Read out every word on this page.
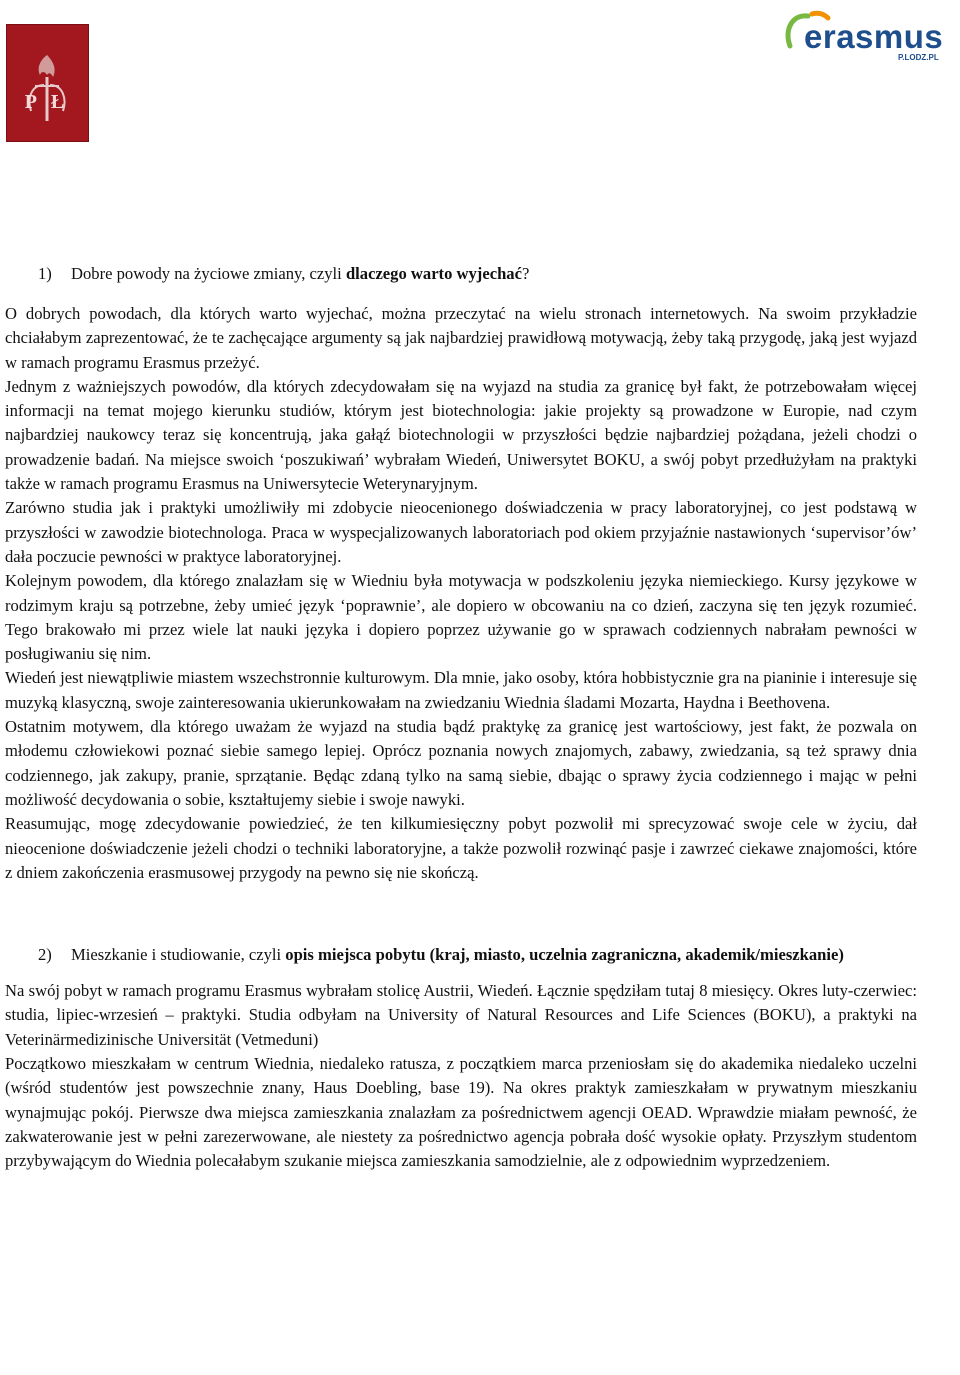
PŁ
erasmus
P.LODZ.PL
1)	Dobre powody na życiowe zmiany, czyli dlaczego warto wyjechać?

O dobrych powodach, dla których warto wyjechać, można przeczytać na wielu stronach internetowych. Na swoim przykładzie chciałabym zaprezentować, że te zachęcające argumenty są jak najbardziej prawidłową motywacją, żeby taką przygodę, jaką jest wyjazd w ramach programu Erasmus przeżyć.

Jednym z ważniejszych powodów, dla których zdecydowałam się na wyjazd na studia za granicę był fakt, że potrzebowałam więcej informacji na temat mojego kierunku studiów, którym jest biotechnologia: jakie projekty są prowadzone w Europie, nad czym najbardziej naukowcy teraz się koncentrują, jaka gałąź biotechnologii w przyszłości będzie najbardziej pożądana, jeżeli chodzi o prowadzenie badań. Na miejsce swoich ‘poszukiwań’ wybrałam Wiedeń, Uniwersytet BOKU, a swój pobyt przedłużyłam na praktyki także w ramach programu Erasmus na Uniwersytecie Weterynaryjnym.

Zarówno studia jak i praktyki umożliwiły mi zdobycie nieocenionego doświadczenia w pracy laboratoryjnej, co jest podstawą w przyszłości w zawodzie biotechnologa. Praca w wyspecjalizowanych laboratoriach pod okiem przyjaźnie nastawionych ‘supervisor’ów’ dała poczucie pewności w praktyce laboratoryjnej.

Kolejnym powodem, dla którego znalazłam się w Wiedniu była motywacja w podszkoleniu języka niemieckiego. Kursy językowe w rodzimym kraju są potrzebne, żeby umieć język ‘poprawnie’, ale dopiero w obcowaniu na co dzień, zaczyna się ten język rozumieć. Tego brakowało mi przez wiele lat nauki języka i dopiero poprzez używanie go w sprawach codziennych nabrałam pewności w posługiwaniu się nim.

Wiedeń jest niewątpliwie miastem wszechstronnie kulturowym. Dla mnie, jako osoby, która hobbistycznie gra na pianinie i interesuje się muzyką klasyczną, swoje zainteresowania ukierunkowałam na zwiedzaniu Wiednia śladami Mozarta, Haydna i Beethovena.

Ostatnim motywem, dla którego uważam że wyjazd na studia bądź praktykę za granicę jest wartościowy, jest fakt, że pozwala on młodemu człowiekowi poznać siebie samego lepiej. Oprócz poznania nowych znajomych, zabawy, zwiedzania, są też sprawy dnia codziennego, jak zakupy, pranie, sprzątanie. Będąc zdaną tylko na samą siebie, dbając o sprawy życia codziennego i mając w pełni możliwość decydowania o sobie, kształtujemy siebie i swoje nawyki.

Reasumując, mogę zdecydowanie powiedzieć, że ten kilkumiesięczny pobyt pozwolił mi sprecyzować swoje cele w życiu, dał nieocenione doświadczenie jeżeli chodzi o techniki laboratoryjne, a także pozwolił rozwinąć pasje i zawrzeć ciekawe znajomości, które z dniem zakończenia erasmusowej przygody na pewno się nie skończą.

2)	Mieszkanie i studiowanie, czyli opis miejsca pobytu (kraj, miasto, uczelnia zagraniczna, akademik/mieszkanie)

Na swój pobyt w ramach programu Erasmus wybrałam stolicę Austrii, Wiedeń. Łącznie spędziłam tutaj 8 miesięcy. Okres luty-czerwiec: studia, lipiec-wrzesień – praktyki. Studia odbyłam na University of Natural Resources and Life Sciences (BOKU), a praktyki na Veterinärmedizinische Universität (Vetmeduni)

Początkowo mieszkałam w centrum Wiednia, niedaleko ratusza, z początkiem marca przeniosłam się do akademika niedaleko uczelni (wśród studentów jest powszechnie znany, Haus Doebling, base 19). Na okres praktyk zamieszkałam w prywatnym mieszkaniu wynajmując pokój. Pierwsze dwa miejsca zamieszkania znalazłam za pośrednictwem agencji OEAD. Wprawdzie miałam pewność, że zakwaterowanie jest w pełni zarezerwowane, ale niestety za pośrednictwo agencja pobrała dość wysokie opłaty. Przyszłym studentom przybywającym do Wiednia polecałabym szukanie miejsca zamieszkania samodzielnie, ale z odpowiednim wyprzedzeniem.
